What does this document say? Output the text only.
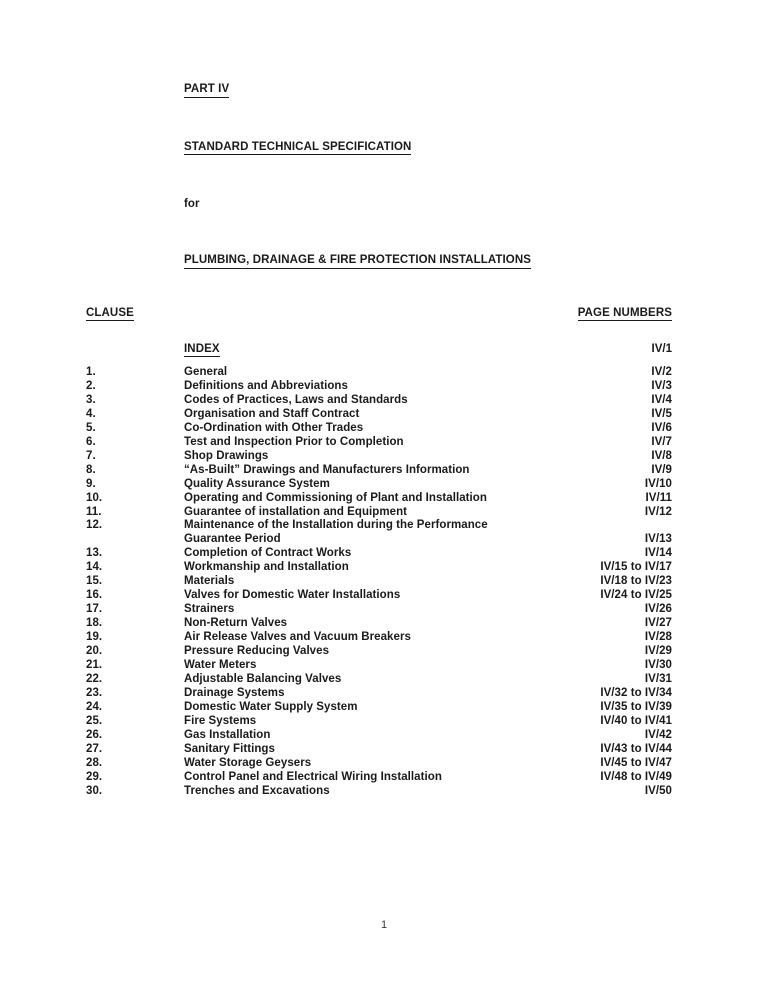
PART IV
STANDARD TECHNICAL SPECIFICATION
for
PLUMBING, DRAINAGE & FIRE PROTECTION INSTALLATIONS
CLAUSE	PAGE NUMBERS
INDEX	IV/1
1.	General	IV/2
2.	Definitions and Abbreviations	IV/3
3.	Codes of Practices, Laws and Standards	IV/4
4.	Organisation and Staff Contract	IV/5
5.	Co-Ordination with Other Trades	IV/6
6.	Test and Inspection Prior to Completion	IV/7
7.	Shop Drawings	IV/8
8.	“As-Built” Drawings and Manufacturers Information	IV/9
9.	Quality Assurance System	IV/10
10.	Operating and Commissioning of Plant and Installation	IV/11
11.	Guarantee of installation and Equipment	IV/12
12.	Maintenance of the Installation during the Performance
Guarantee Period	IV/13
13.	Completion of Contract Works	IV/14
14.	Workmanship and Installation	IV/15 to IV/17
15.	Materials	IV/18 to IV/23
16.	Valves for Domestic Water Installations	IV/24 to IV/25
17.	Strainers	IV/26
18.	Non-Return Valves	IV/27
19.	Air Release Valves and Vacuum Breakers	IV/28
20.	Pressure Reducing Valves	IV/29
21.	Water Meters	IV/30
22.	Adjustable Balancing Valves	IV/31
23.	Drainage Systems	IV/32 to IV/34
24.	Domestic Water Supply System	IV/35 to IV/39
25.	Fire Systems	IV/40 to IV/41
26.	Gas Installation	IV/42
27.	Sanitary Fittings	IV/43 to IV/44
28.	Water Storage Geysers	IV/45 to IV/47
29.	Control Panel and Electrical Wiring Installation	IV/48 to IV/49
30.	Trenches and Excavations	IV/50
1
